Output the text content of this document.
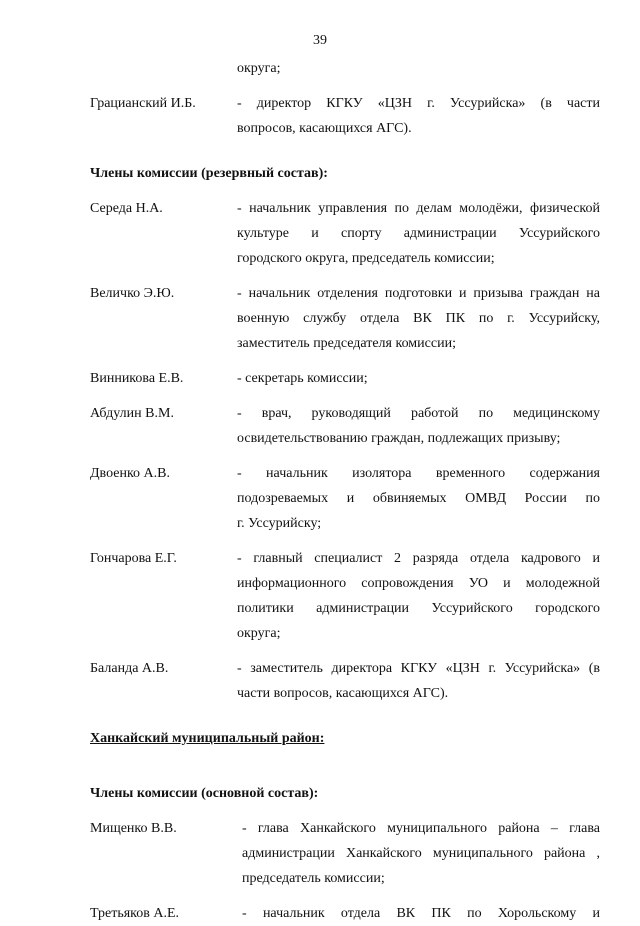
39
округа;
Грацианский И.Б.	- директор КГКУ «ЦЗН г. Уссурийска» (в части
вопросов, касающихся АГС).
Члены комиссии (резервный состав):
Середа Н.А.	- начальник управления по делам молодёжи, физической
культуре и спорту администрации Уссурийского
городского округа, председатель комиссии;
Величко Э.Ю.	- начальник отделения подготовки и призыва граждан на
военную службу отдела ВК ПК по г. Уссурийску,
заместитель председателя комиссии;
Винникова Е.В.	- секретарь комиссии;
Абдулин В.М.	- врач, руководящий работой по медицинскому
освидетельствованию граждан, подлежащих призыву;
Двоенко А.В.	- начальник изолятора временного содержания
подозреваемых и обвиняемых ОМВД России по
г. Уссурийску;
Гончарова Е.Г.	- главный специалист 2 разряда отдела кадрового и
информационного сопровождения УО и молодежной
политики администрации Уссурийского городского
округа;
Баланда А.В.	- заместитель директора КГКУ «ЦЗН г. Уссурийска» (в
части вопросов, касающихся АГС).
Ханкайский муниципальный район:
Члены комиссии (основной состав):
Мищенко В.В.	- глава Ханкайского муниципального района – глава
администрации Ханкайского муниципального района ,
председатель комиссии;
Третьяков А.Е.	- начальник отдела ВК ПК по Хорольскому и
